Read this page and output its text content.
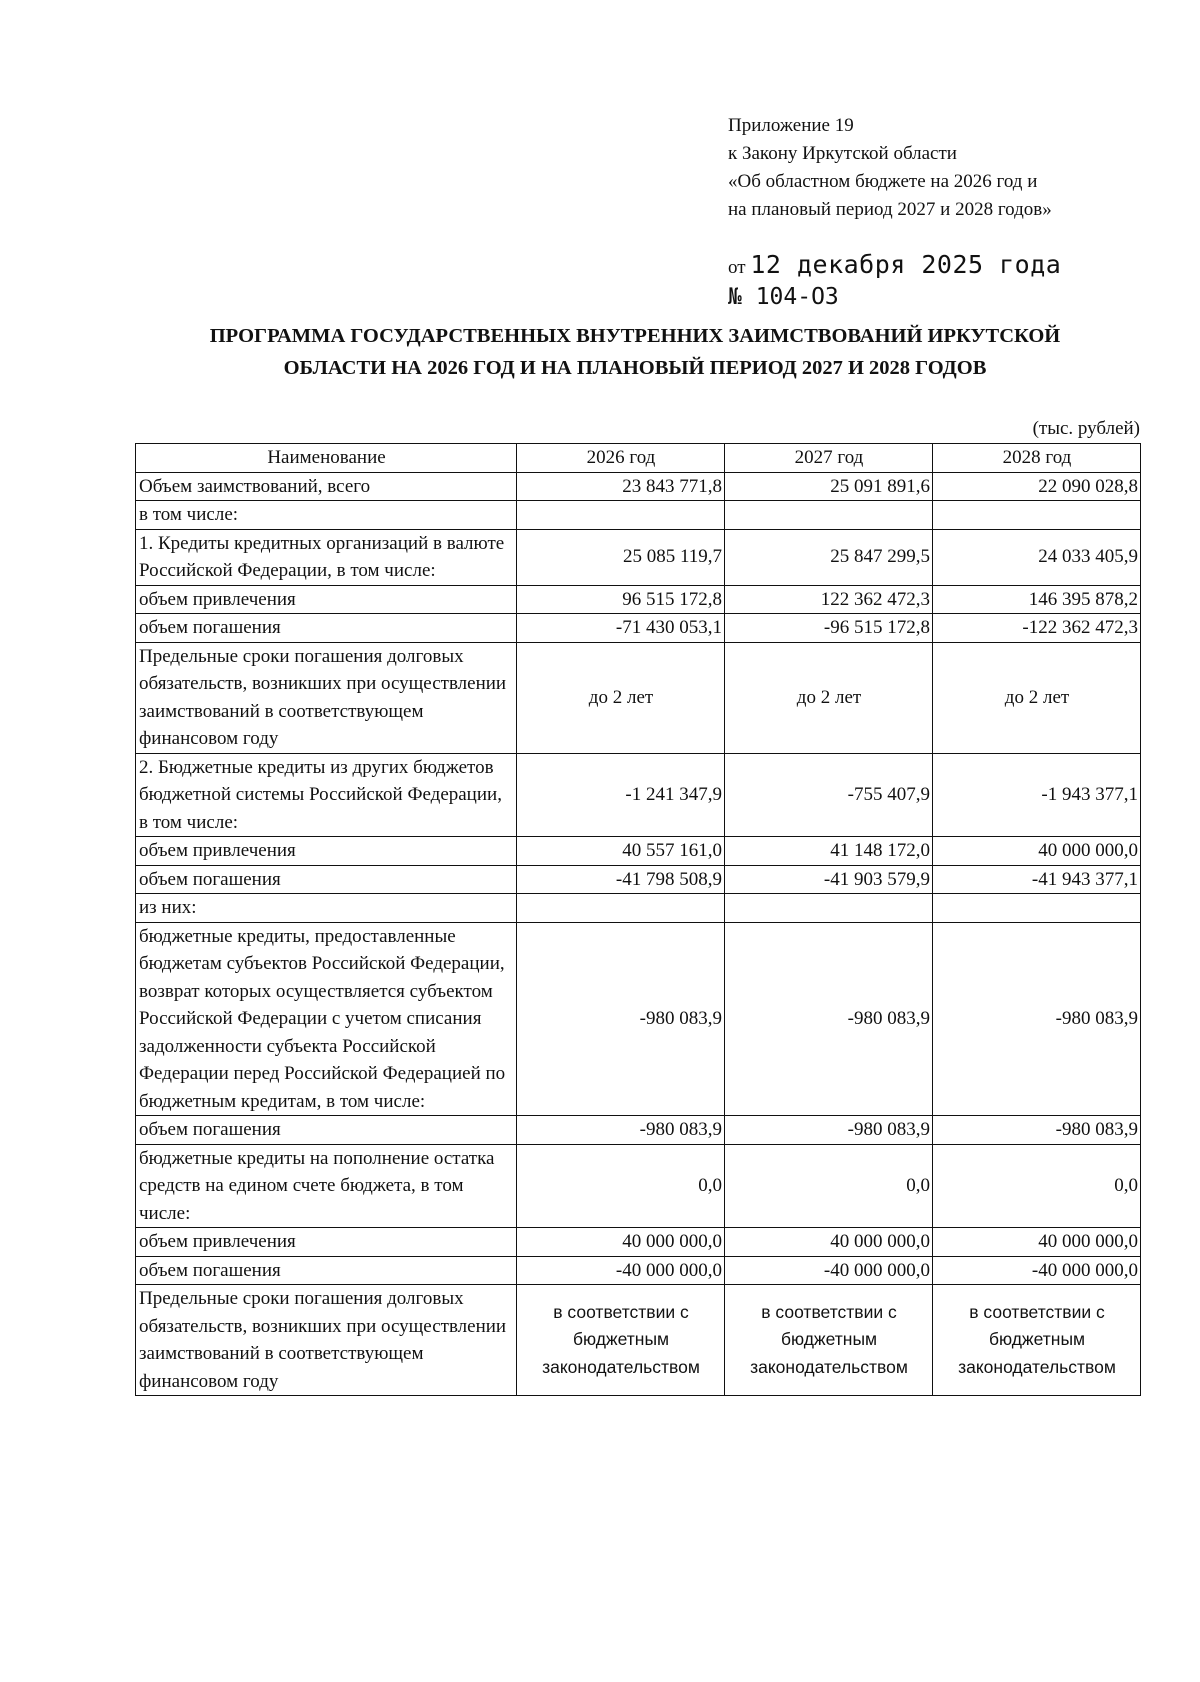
Приложение 19
к Закону Иркутской области
«Об областном бюджете на 2026 год и
на плановый период 2027 и 2028 годов»
от 12 декабря 2025 года
№ 104-ОЗ
ПРОГРАММА ГОСУДАРСТВЕННЫХ ВНУТРЕННИХ ЗАИМСТВОВАНИЙ ИРКУТСКОЙ
ОБЛАСТИ НА 2026 ГОД И НА ПЛАНОВЫЙ ПЕРИОД 2027 И 2028 ГОДОВ
(тыс. рублей)
Наименование	2026 год	2027 год	2028 год
Объем заимствований, всего	23 843 771,8	25 091 891,6	22 090 028,8
в том числе:			
1. Кредиты кредитных организаций в валюте Российской Федерации, в том числе:	25 085 119,7	25 847 299,5	24 033 405,9
объем привлечения	96 515 172,8	122 362 472,3	146 395 878,2
объем погашения	-71 430 053,1	-96 515 172,8	-122 362 472,3
Предельные сроки погашения долговых обязательств, возникших при осуществлении заимствований в соответствующем финансовом году	до 2 лет	до 2 лет	до 2 лет
2. Бюджетные кредиты из других бюджетов бюджетной системы Российской Федерации, в том числе:	-1 241 347,9	-755 407,9	-1 943 377,1
объем привлечения	40 557 161,0	41 148 172,0	40 000 000,0
объем погашения	-41 798 508,9	-41 903 579,9	-41 943 377,1
из них:			
бюджетные кредиты, предоставленные бюджетам субъектов Российской Федерации, возврат которых осуществляется субъектом Российской Федерации с учетом списания задолженности субъекта Российской Федерации перед Российской Федерацией по бюджетным кредитам, в том числе:	-980 083,9	-980 083,9	-980 083,9
объем погашения	-980 083,9	-980 083,9	-980 083,9
бюджетные кредиты на пополнение остатка средств на едином счете бюджета, в том числе:	0,0	0,0	0,0
объем привлечения	40 000 000,0	40 000 000,0	40 000 000,0
объем погашения	-40 000 000,0	-40 000 000,0	-40 000 000,0
Предельные сроки погашения долговых обязательств, возникших при осуществлении заимствований в соответствующем финансовом году	в соответствии с бюджетным законодательством	в соответствии с бюджетным законодательством	в соответствии с бюджетным законодательством
